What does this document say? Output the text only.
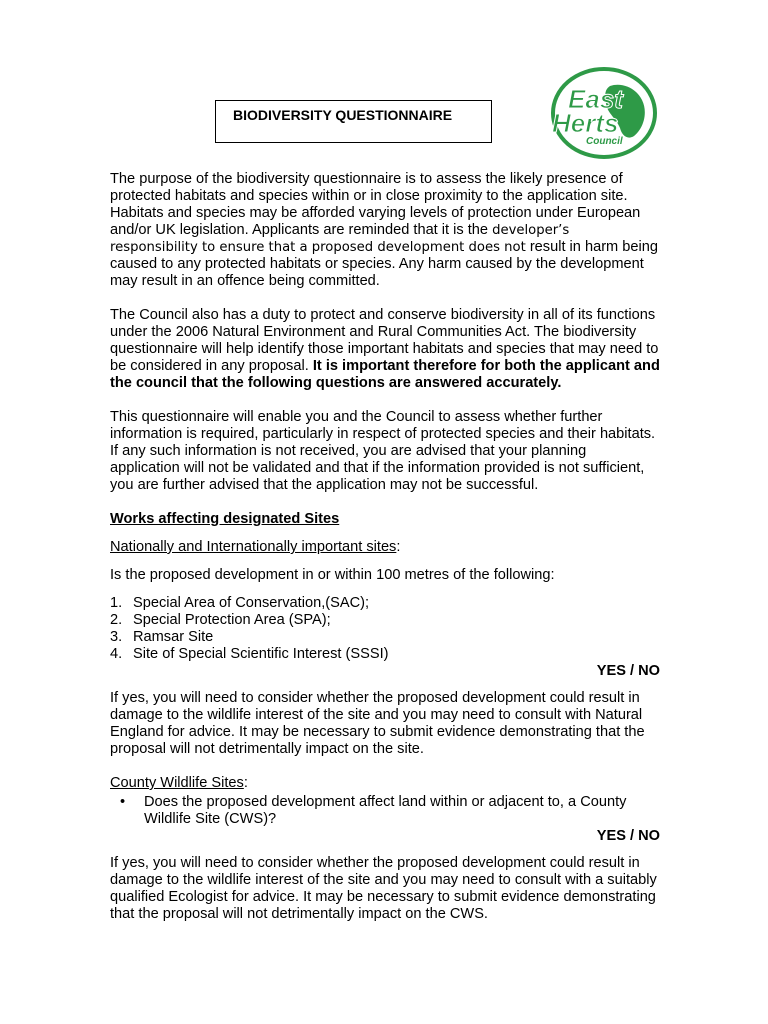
BIODIVERSITY QUESTIONNAIRE
East
Herts
Council

The purpose of the biodiversity questionnaire is to assess the likely presence of protected habitats and species within or in close proximity to the application site. Habitats and species may be afforded varying levels of protection under European and/or UK legislation. Applicants are reminded that it is the developer’s responsibility to ensure that a proposed development does not result in harm being caused to any protected habitats or species. Any harm caused by the development may result in an offence being committed.

The Council also has a duty to protect and conserve biodiversity in all of its functions under the 2006 Natural Environment and Rural Communities Act. The biodiversity questionnaire will help identify those important habitats and species that may need to be considered in any proposal. It is important therefore for both the applicant and the council that the following questions are answered accurately.

This questionnaire will enable you and the Council to assess whether further information is required, particularly in respect of protected species and their habitats. If any such information is not received, you are advised that your planning application will not be validated and that if the information provided is not sufficient, you are further advised that the application may not be successful.

Works affecting designated Sites
Nationally and Internationally important sites:

Is the proposed development in or within 100 metres of the following:

1. Special Area of Conservation,(SAC);
2. Special Protection Area (SPA);
3. Ramsar Site
4. Site of Special Scientific Interest (SSSI)
YES / NO

If yes, you will need to consider whether the proposed development could result in damage to the wildlife interest of the site and you may need to consult with Natural England for advice. It may be necessary to submit evidence demonstrating that the proposal will not detrimentally impact on the site.

County Wildlife Sites:
• Does the proposed development affect land within or adjacent to, a County Wildlife Site (CWS)?
YES / NO

If yes, you will need to consider whether the proposed development could result in damage to the wildlife interest of the site and you may need to consult with a suitably qualified Ecologist for advice. It may be necessary to submit evidence demonstrating that the proposal will not detrimentally impact on the CWS.
